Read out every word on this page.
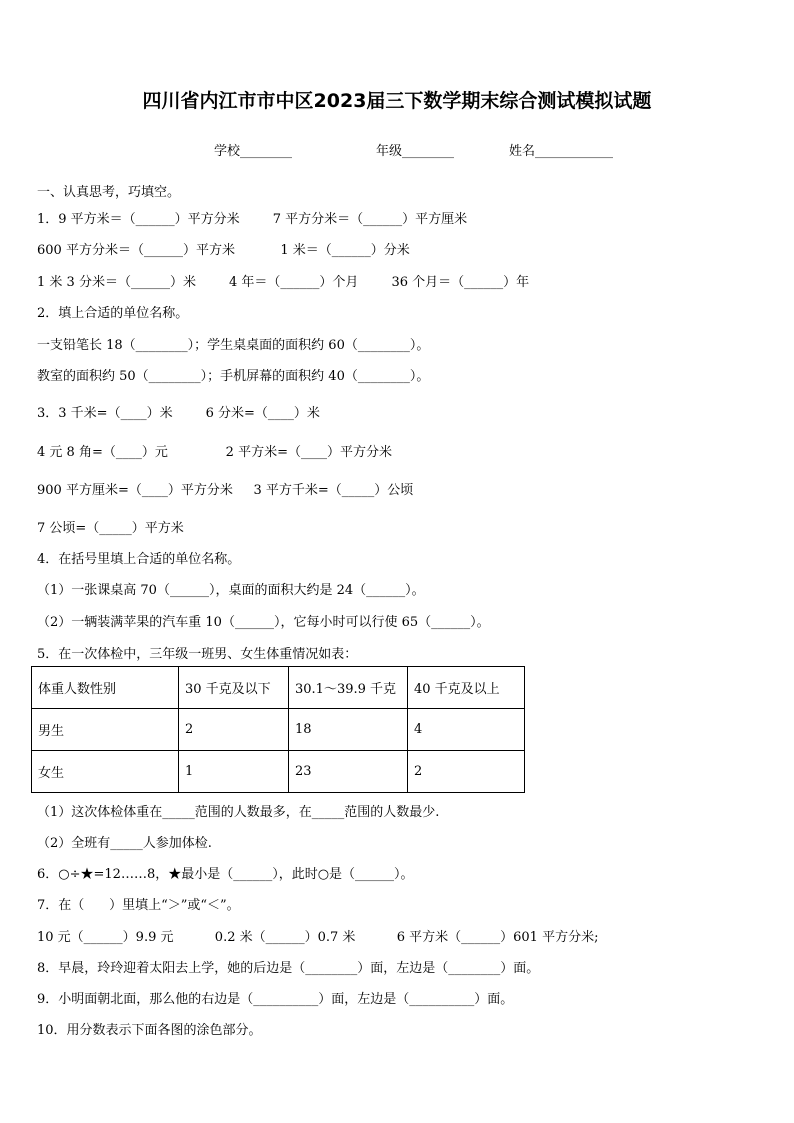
四川省内江市市中区2023届三下数学期末综合测试模拟试题
学校________	年级________	姓名____________
一、认真思考，巧填空。
1．9 平方米＝（______）平方分米        7 平方分米＝（______）平方厘米
600 平方分米＝（______）平方米           1 米＝（______）分米
1 米 3 分米＝（______）米        4 年＝（______）个月        36 个月＝（______）年
2．填上合适的单位名称。
一支铅笔长 18（________）；学生桌桌面的面积约 60（________）。
教室的面积约 50（________）；手机屏幕的面积约 40（________）。
3．3 千米=（____）米        6 分米=（____）米
4 元 8 角=（____）元              2 平方米=（____）平方分米
900 平方厘米=（____）平方分米     3 平方千米=（_____）公顷
7 公顷=（_____）平方米
4．在括号里填上合适的单位名称。
（1）一张课桌高 70（______），桌面的面积大约是 24（______）。
（2）一辆装满苹果的汽车重 10（______），它每小时可以行使 65（______）。
5．在一次体检中，三年级一班男、女生体重情况如表：
体重人数性别	30 千克及以下	30.1～39.9 千克	40 千克及以上
男生	2	18	4
女生	1	23	2
（1）这次体检体重在_____范围的人数最多，在_____范围的人数最少.
（2）全班有_____人参加体检.
6．○÷★=12……8，★最小是（______），此时○是（______）。
7．在（      ）里填上“＞”或“＜”。
10 元（______）9.9 元          0.2 米（______）0.7 米          6 平方米（______）601 平方分米;
8．早晨，玲玲迎着太阳去上学，她的后边是（________）面，左边是（________）面。
9．小明面朝北面，那么他的右边是（__________）面，左边是（__________）面。
10．用分数表示下面各图的涂色部分。
